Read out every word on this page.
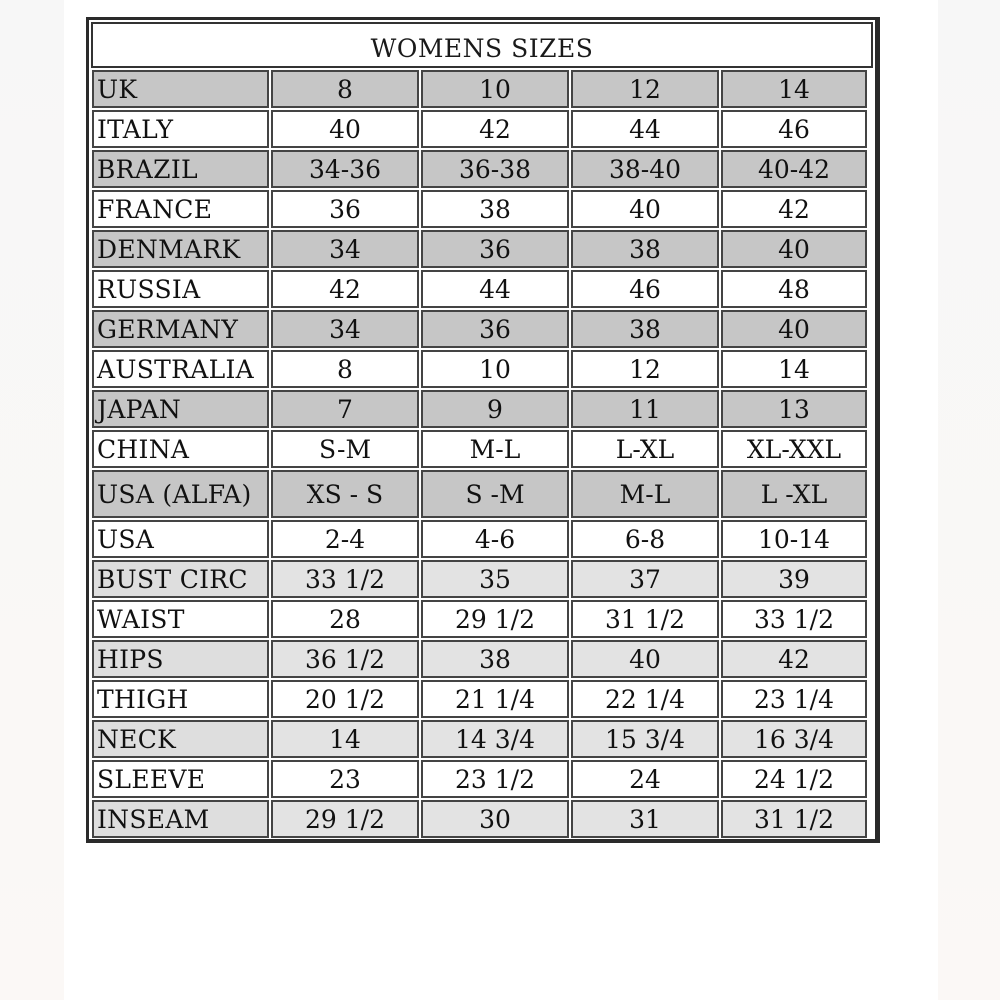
WOMENS SIZES
UK	8	10	12	14
ITALY	40	42	44	46
BRAZIL	34-36	36-38	38-40	40-42
FRANCE	36	38	40	42
DENMARK	34	36	38	40
RUSSIA	42	44	46	48
GERMANY	34	36	38	40
AUSTRALIA	8	10	12	14
JAPAN	7	9	11	13
CHINA	S-M	M-L	L-XL	XL-XXL
USA (ALFA)	XS - S	S -M	M-L	L -XL
USA	2-4	4-6	6-8	10-14
BUST CIRC	33 1/2	35	37	39
WAIST	28	29 1/2	31 1/2	33 1/2
HIPS	36 1/2	38	40	42
THIGH	20 1/2	21 1/4	22 1/4	23 1/4
NECK	14	14 3/4	15 3/4	16 3/4
SLEEVE	23	23 1/2	24	24 1/2
INSEAM	29 1/2	30	31	31 1/2
